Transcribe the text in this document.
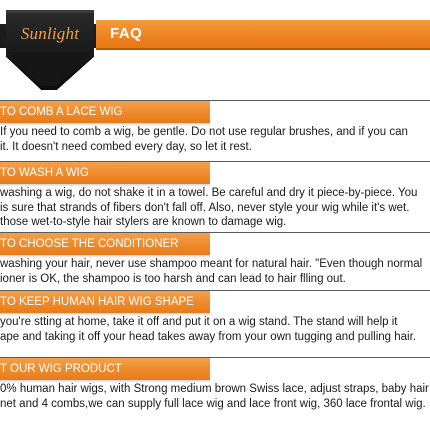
Sunlight	FAQ
TO COMB A LACE WIG
If you need to comb a wig, be gentle. Do not use regular brushes, and if you can
it. It doesn't need combed every day, so let it rest.
TO WASH A WIG
washing a wig, do not shake it in a towel. Be careful and dry it piece-by-piece. You
is sure that strands of fibers don't fall off. Also, never style your wig while it's wet.
those wet-to-style hair stylers are known to damage wig.
TO CHOOSE THE CONDITIONER
washing your hair, never use shampoo meant for natural hair. "Even though normal
ioner is OK, the shampoo is too harsh and can lead to hair flling out.
TO KEEP HUMAN HAIR WIG SHAPE
you're stting at home, take it off and put it on a wig stand. The stand will help it
ape and taking it off your head takes away from your own tugging and pulling hair.
T OUR WIG PRODUCT
0% human hair wigs, with Strong medium brown Swiss lace, adjust straps, baby hair
net and 4 combs,we can supply full lace wig and lace front wig, 360 lace frontal wig.
